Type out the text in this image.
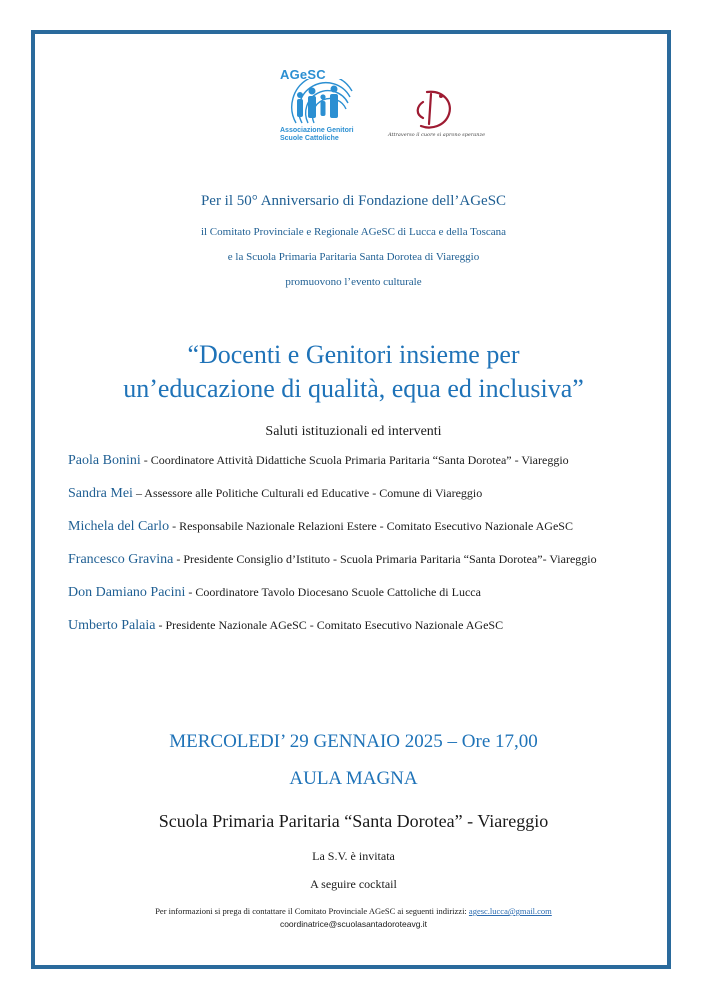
AGeSC
Associazione Genitori
Scuole Cattoliche	Attraverso il cuore si aprono speranze
Per il 50° Anniversario di Fondazione dell’AGeSC
il Comitato Provinciale e Regionale AGeSC di Lucca e della Toscana
e la Scuola Primaria Paritaria Santa Dorotea di Viareggio
promuovono l’evento culturale
“Docenti e Genitori insieme per
un’educazione di qualità, equa ed inclusiva”
Saluti istituzionali ed interventi
Paola Bonini - Coordinatore Attività Didattiche Scuola Primaria Paritaria “Santa Dorotea” - Viareggio
Sandra Mei – Assessore alle Politiche Culturali ed Educative - Comune di Viareggio
Michela del Carlo - Responsabile Nazionale Relazioni Estere - Comitato Esecutivo Nazionale AGeSC
Francesco Gravina - Presidente Consiglio d’Istituto - Scuola Primaria Paritaria “Santa Dorotea”- Viareggio
Don Damiano Pacini - Coordinatore Tavolo Diocesano Scuole Cattoliche di Lucca
Umberto Palaia - Presidente Nazionale AGeSC - Comitato Esecutivo Nazionale AGeSC
MERCOLEDI’ 29 GENNAIO 2025 – Ore 17,00
AULA MAGNA
Scuola Primaria Paritaria “Santa Dorotea” - Viareggio
La S.V. è invitata
A seguire cocktail
Per informazioni si prega di contattare il Comitato Provinciale AGeSC ai seguenti indirizzi: agesc.lucca@gmail.com
coordinatrice@scuolasantadoroteavg.it
